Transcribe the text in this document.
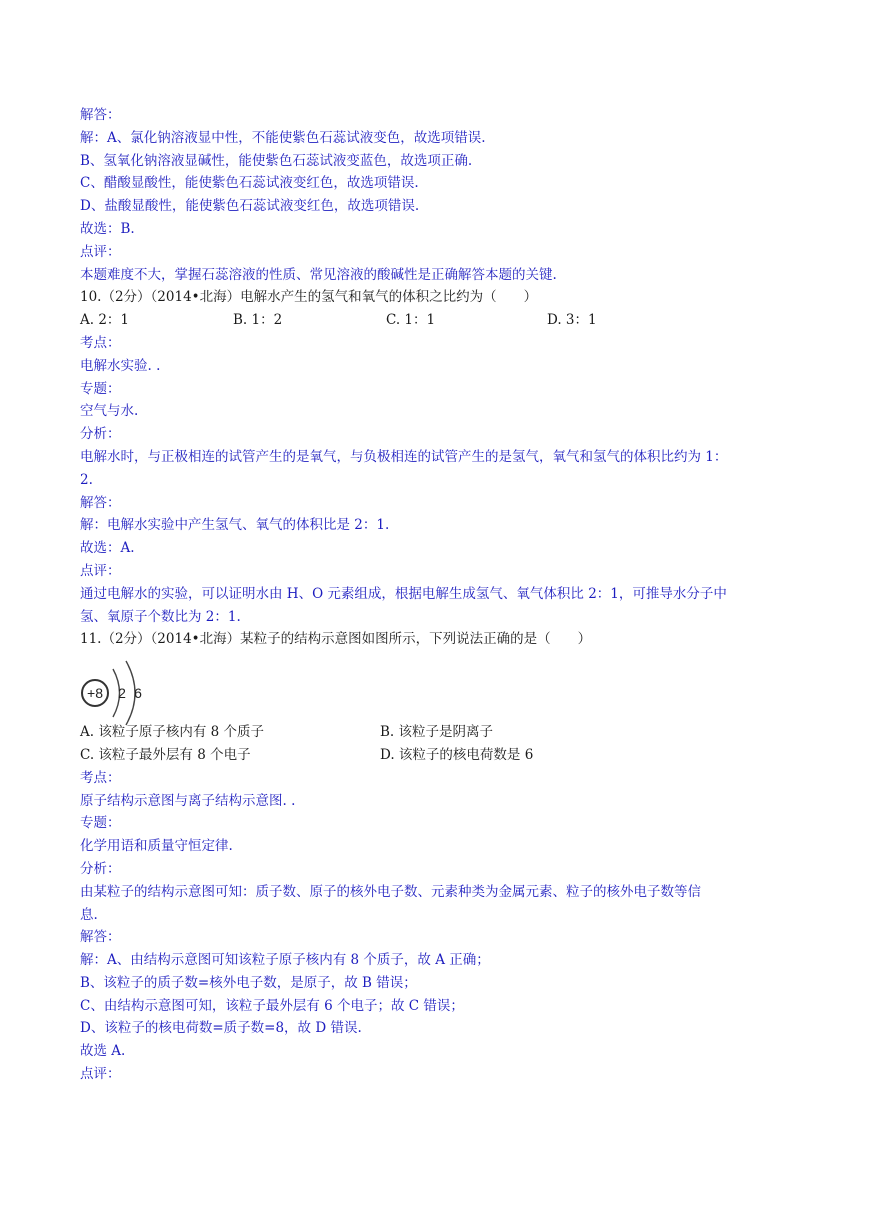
解答：
解：A、氯化钠溶液显中性，不能使紫色石蕊试液变色，故选项错误.
B、氢氧化钠溶液显碱性，能使紫色石蕊试液变蓝色，故选项正确.
C、醋酸显酸性，能使紫色石蕊试液变红色，故选项错误.
D、盐酸显酸性，能使紫色石蕊试液变红色，故选项错误.
故选：B.
点评：
本题难度不大，掌握石蕊溶液的性质、常见溶液的酸碱性是正确解答本题的关键.
10.（2分）（2014•北海）电解水产生的氢气和氧气的体积之比约为（　　）
A. 2：1	B. 1：2	C. 1：1	D. 3：1
考点：
电解水实验. .
专题：
空气与水.
分析：
电解水时，与正极相连的试管产生的是氧气，与负极相连的试管产生的是氢气，氧气和氢气的体积比约为 1：
2.
解答：
解：电解水实验中产生氢气、氧气的体积比是 2：1.
故选：A.
点评：
通过电解水的实验，可以证明水由 H、O 元素组成，根据电解生成氢气、氧气体积比 2：1，可推导水分子中
氢、氧原子个数比为 2：1.
11.（2分）（2014•北海）某粒子的结构示意图如图所示，下列说法正确的是（　　）
+8 2 6
A. 该粒子原子核内有 8 个质子	B. 该粒子是阴离子
C. 该粒子最外层有 8 个电子	D. 该粒子的核电荷数是 6
考点：
原子结构示意图与离子结构示意图. .
专题：
化学用语和质量守恒定律.
分析：
由某粒子的结构示意图可知：质子数、原子的核外电子数、元素种类为金属元素、粒子的核外电子数等信
息.
解答：
解：A、由结构示意图可知该粒子原子核内有 8 个质子，故 A 正确；
B、该粒子的质子数=核外电子数，是原子，故 B 错误；
C、由结构示意图可知，该粒子最外层有 6 个电子；故 C 错误；
D、该粒子的核电荷数=质子数=8，故 D 错误.
故选 A.
点评：
